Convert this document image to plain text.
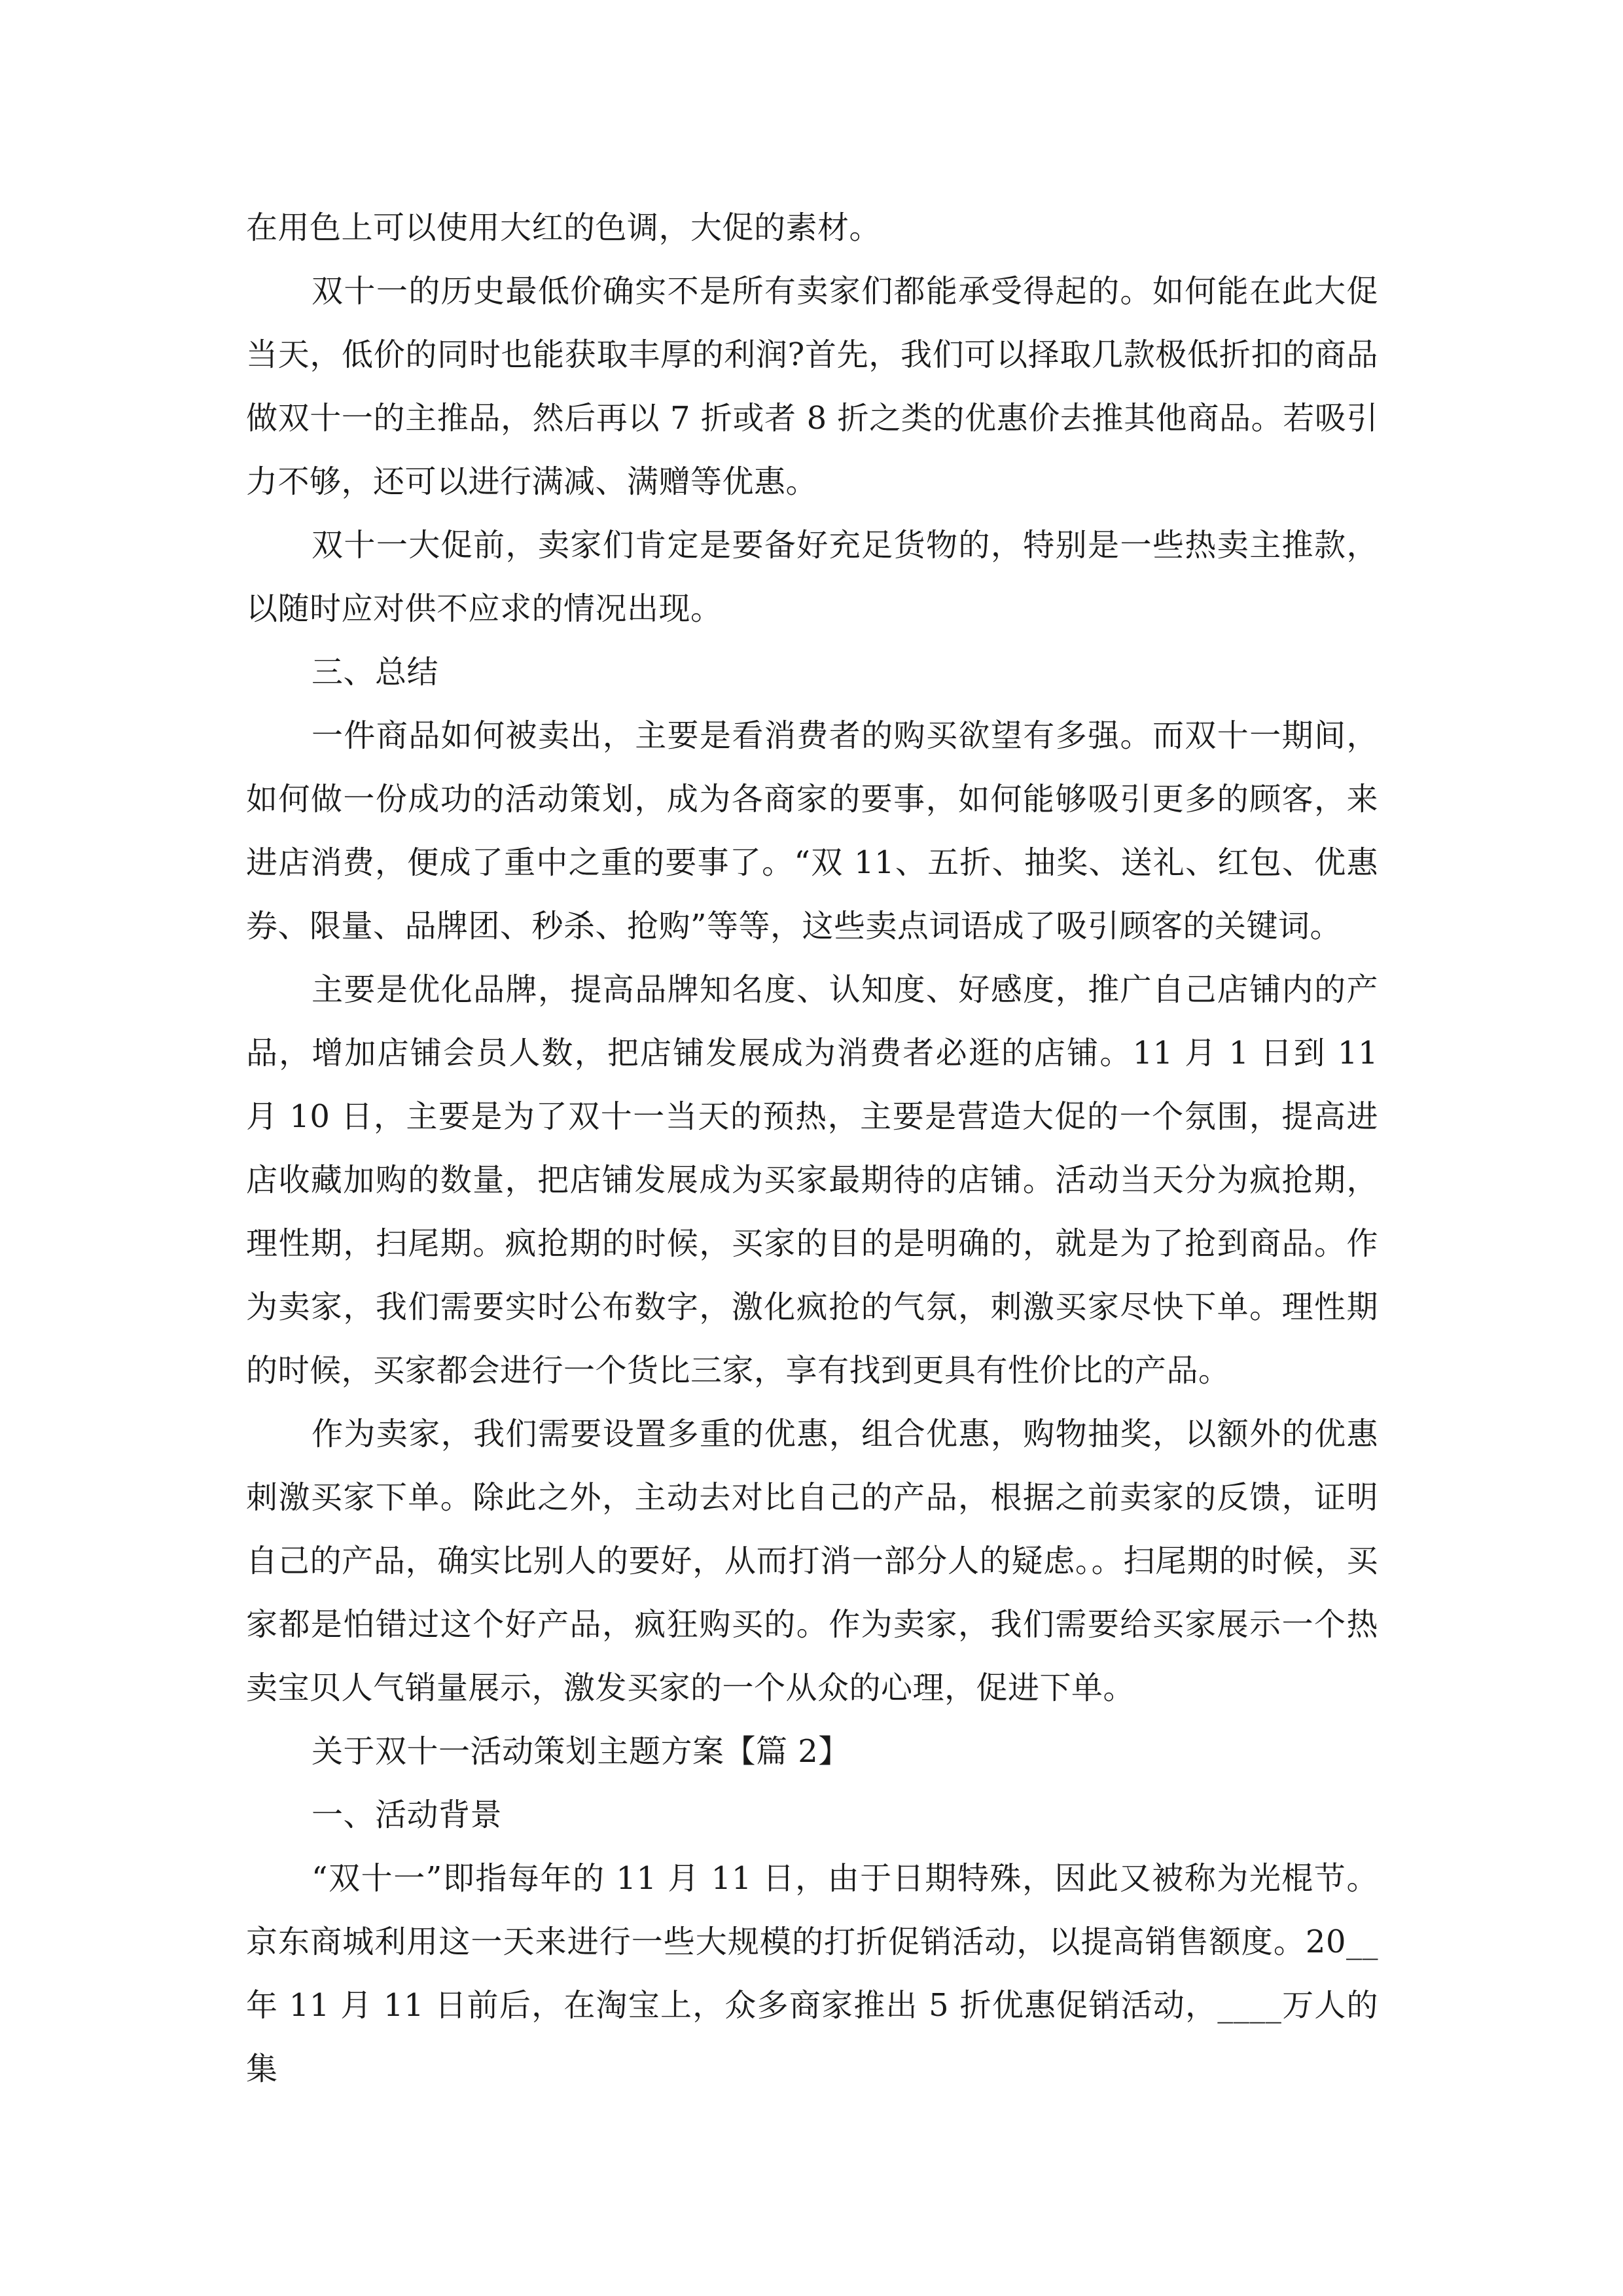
在用色上可以使用大红的色调，大促的素材。

双十一的历史最低价确实不是所有卖家们都能承受得起的。如何能在此大促当天，低价的同时也能获取丰厚的利润?首先，我们可以择取几款极低折扣的商品做双十一的主推品，然后再以 7 折或者 8 折之类的优惠价去推其他商品。若吸引力不够，还可以进行满减、满赠等优惠。

双十一大促前，卖家们肯定是要备好充足货物的，特别是一些热卖主推款，以随时应对供不应求的情况出现。

三、总结

一件商品如何被卖出，主要是看消费者的购买欲望有多强。而双十一期间，如何做一份成功的活动策划，成为各商家的要事，如何能够吸引更多的顾客，来进店消费，便成了重中之重的要事了。“双 11、五折、抽奖、送礼、红包、优惠券、限量、品牌团、秒杀、抢购”等等，这些卖点词语成了吸引顾客的关键词。

主要是优化品牌，提高品牌知名度、认知度、好感度，推广自己店铺内的产品，增加店铺会员人数，把店铺发展成为消费者必逛的店铺。11 月 1 日到 11 月 10 日，主要是为了双十一当天的预热，主要是营造大促的一个氛围，提高进店收藏加购的数量，把店铺发展成为买家最期待的店铺。活动当天分为疯抢期，理性期，扫尾期。疯抢期的时候，买家的目的是明确的，就是为了抢到商品。作为卖家，我们需要实时公布数字，激化疯抢的气氛，刺激买家尽快下单。理性期的时候，买家都会进行一个货比三家，享有找到更具有性价比的产品。

作为卖家，我们需要设置多重的优惠，组合优惠，购物抽奖，以额外的优惠刺激买家下单。除此之外，主动去对比自己的产品，根据之前卖家的反馈，证明自己的产品，确实比别人的要好，从而打消一部分人的疑虑。。扫尾期的时候，买家都是怕错过这个好产品，疯狂购买的。作为卖家，我们需要给买家展示一个热卖宝贝人气销量展示，激发买家的一个从众的心理，促进下单。

关于双十一活动策划主题方案【篇 2】

一、活动背景

“双十一”即指每年的 11 月 11 日，由于日期特殊，因此又被称为光棍节。京东商城利用这一天来进行一些大规模的打折促销活动，以提高销售额度。20__年 11 月 11 日前后，在淘宝上，众多商家推出 5 折优惠促销活动，____万人的集
